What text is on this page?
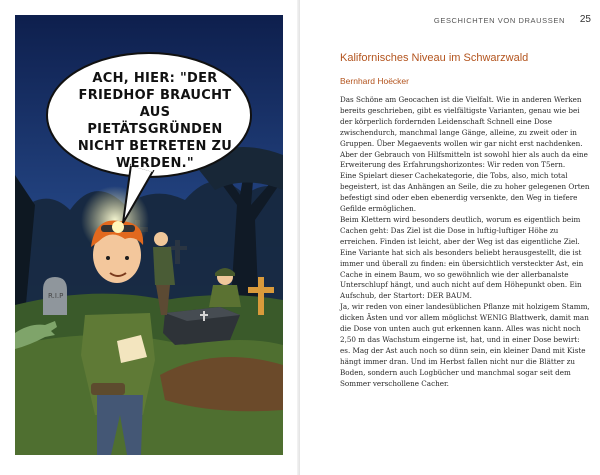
R.I.P
ACH, HIER: "DER FRIEDHOF BRAUCHT AUS PIETÄTSGRÜNDEN NICHT BETRETEN ZU WERDEN."
GESCHICHTEN VON DRAUSSEN 25
Kalifornisches Niveau im Schwarzwald
Bernhard Hoëcker

Das Schöne am Geocachen ist die Vielfalt. Wie in anderen Werken bereits geschrieben, gibt es vielfältigste Varianten, genau wie bei der körperlich fordernden Leidenschaft Schnell eine Dose zwischendurch, manchmal lange Gänge, alleine, zu zweit oder in Gruppen. Über Megaevents wollen wir gar nicht erst nachdenken. Aber der Gebrauch von Hilfsmitteln ist sowohl hier als auch da eine Erweiterung des Erfahrungshorizontes: Wir reden von T5ern.

Eine Spielart dieser Cachekategorie, die Tobs, also, mich total begeistert, ist das Anhängen an Seile, die zu hoher gelegenen Orten befestigt sind oder eben ebenerdig versenkte, den Weg in tiefere Gefilde ermöglichen.

Beim Klettern wird besonders deutlich, worum es eigentlich beim Cachen geht: Das Ziel ist die Dose in luftig-luftiger Höhe zu erreichen. Finden ist leicht, aber der Weg ist das eigentliche Ziel.

Eine Variante hat sich als besonders beliebt herausgestellt, die ist immer und überall zu finden: ein übersichtlich versteckter Ast, ein Cache in einem Baum, wo so gewöhnlich wie der allerbanalste Unterschlupf hängt, und auch nicht auf dem Höhepunkt oben. Ein Aufschub, der Startort: DER BAUM.

Ja, wir reden von einer landesüblichen Pflanze mit holzigem Stamm, dicken Ästen und vor allem möglichst WENIG Blattwerk, damit man die Dose von unten auch gut erkennen kann. Alles was nicht noch 2,50 m das Wachstum eingerne ist, hat, und in einer Dose bewirt: es. Mag der Ast auch noch so dünn sein, ein kleiner Dand mit Kiste hängt immer dran. Und im Herbst fallen nicht nur die Blätter zu Boden, sondern auch Logbücher und manchmal sogar seit dem Sommer verschollene Cacher.
